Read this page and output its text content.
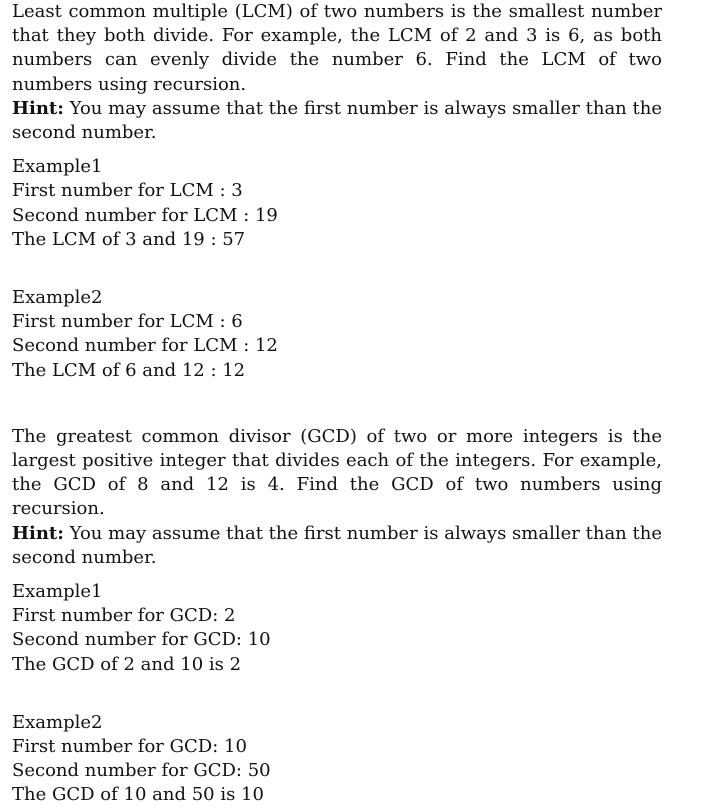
Least common multiple (LCM) of two numbers is the smallest number that they both divide. For example, the LCM of 2 and 3 is 6, as both numbers can evenly divide the number 6. Find the LCM of two numbers using recursion.

Hint: You may assume that the first number is always smaller than the second number.

Example1
First number for LCM : 3
Second number for LCM : 19
The LCM of 3 and 19 : 57
Example2
First number for LCM : 6
Second number for LCM : 12
The LCM of 6 and 12 : 12

The greatest common divisor (GCD) of two or more integers is the largest positive integer that divides each of the integers. For example, the GCD of 8 and 12 is 4. Find the GCD of two numbers using recursion.

Hint: You may assume that the first number is always smaller than the second number.

Example1
First number for GCD: 2
Second number for GCD: 10
The GCD of 2 and 10 is 2
Example2
First number for GCD: 10
Second number for GCD: 50
The GCD of 10 and 50 is 10
